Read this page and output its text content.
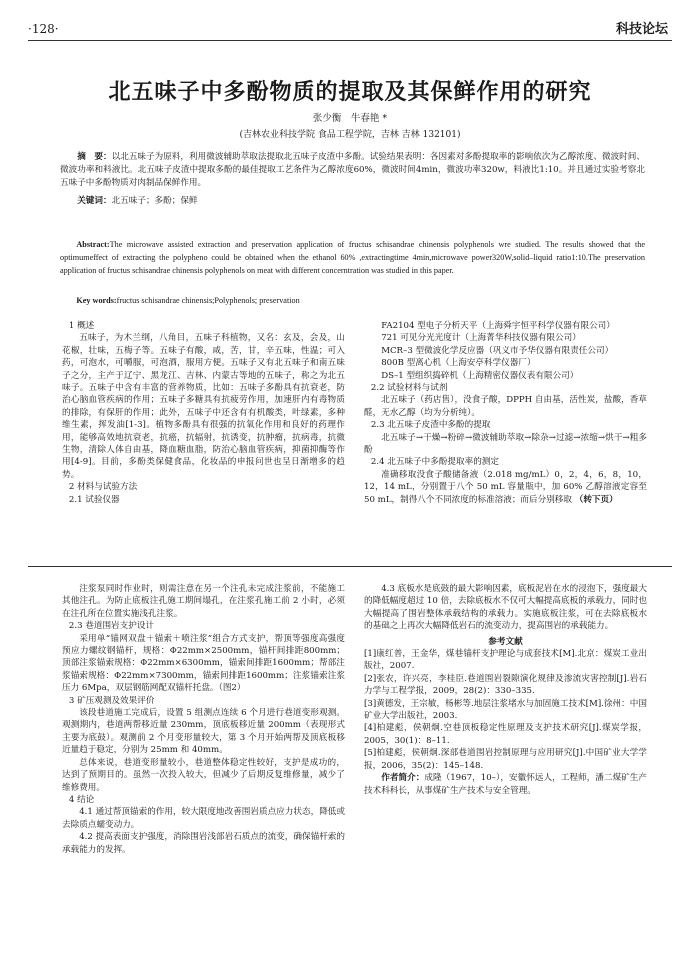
·128·	科技论坛
北五味子中多酚物质的提取及其保鲜作用的研究
张少衡　牛春艳 *
(吉林农业科技学院 食品工程学院，吉林 吉林 132101)

摘　要：以北五味子为原料，利用微波辅助萃取法提取北五味子皮渣中多酚。试验结果表明：各因素对多酚提取率的影响依次为乙醇浓度、微波时间、微波功率和料液比。北五味子皮渣中提取多酚的最佳提取工艺条件为乙醇浓度60%，微波时间4min，微波功率320w，料液比1:10。并且通过实验考察北五味子中多酚物质对肉制品保鲜作用。

关键词：北五味子；多酚；保鲜

Abstract:The microwave assisted extraction and preservation application of fructus schisandrae chinensis polyphenols wre studied. The results showed that the optimumeffect of extracting the polypheno could be obtained when the ethanol 60% ,extractingtime 4min,microwave power320W,solid–liquid ratio1:10.The preservation application of fructus schisandrae chinensis polyphenols on meat with different concerntration was studied in this paper.

Key words:fructus schisandrae chinensis;Polyphenols; preservation

1 概述

五味子，为木兰纲，八角目，五味子科植物，又名：玄及，会及，山花椒，壮味，五梅子等。五味子有酸，咸，苦，甘，辛五味，性温；可入药，可泡水，可嚼服，可泡酒，服用方便。五味子又有北五味子和南五味子之分，主产于辽宁、黑龙江、吉林、内蒙古等地的五味子，称之为北五味子。五味子中含有丰富的营养物质，比如：五味子多酚具有抗衰老，防治心脑血管疾病的作用；五味子多糖具有抗疲劳作用，加速肝内有毒物质的排除，有保肝的作用；此外，五味子中还含有有机酸类，叶绿素，多种维生素，挥发油[1-3]。植物多酚具有很强的抗氧化作用和良好的药理作用，能够高效地抗衰老，抗癌，抗辐射，抗诱变，抗肿瘤，抗病毒，抗微生物，清除人体自由基，降血糖血脂，防治心脑血管疾病，抑菌抑酶等作用[4-9]。目前，多酚类保健食品，化妆品的申报问世也呈日渐增多的趋势。

2 材料与试验方法

2.1 试验仪器

FA2104 型电子分析天平（上海舜宇恒平科学仪器有限公司）

721 可见分光光度计（上海菁华科技仪器有限公司）

MCR–3 型微波化学反应器（巩义市予华仪器有限责任公司）

800B 型离心机（上海安亭科学仪器厂）

DS–1 型组织捣碎机（上海精密仪器仪表有限公司）

2.2 试验材料与试剂

北五味子（药店售），没食子酸，DPPH 自由基，活性炭，盐酸，香草醛，无水乙醇（均为分析纯）。

2.3 北五味子皮渣中多酚的提取

北五味子→干燥→粉碎→微波辅助萃取→除杂→过滤→浓缩→烘干→粗多酚

2.4 北五味子中多酚提取率的测定

准确移取没食子酸储备液（2.018 mg/mL）0，2，4，6，8，10，12，14 mL，分别置于八个 50 mL 容量瓶中，加 60% 乙醇溶液定容至 50 mL，制得八个不同浓度的标准溶液；而后分别移取 （转下页）

注浆泵同时作业时，则需注意在另一个注孔未完成注浆前，不能施工其他注孔。为防止底板注孔施工期间塌孔，在注浆孔施工前 2 小时，必须在注孔所在位置实施浅孔注浆。

2.3 巷道围岩支护设计

采用单“锚网双盘＋锚索＋喷注浆”组合方式支护，帮顶等强度高强度预应力螺纹钢锚杆，规格：Φ22mm×2500mm，锚杆间排距800mm；顶部注浆锚索规格：Φ22mm×6300mm，锚索间排距1600mm；帮部注浆锚索规格：Φ22mm×7300mm，锚索间排距1600mm；注浆锚索注浆压力 6Mpa，双层钢筋网配双锚杆托盘。（图2）

3 矿压观测及效果评价

该段巷道施工完成后，设置 5 组测点连续 6 个月进行巷道变形观测。观测期内，巷道两帮移近量 230mm，顶底板移近量 200mm（表现形式主要为底鼓）。观测前 2 个月变形量较大，第 3 个月开始两帮及顶底板移近量趋于稳定，分别为 25mm 和 40mm。

总体来说，巷道变形量较小，巷道整体稳定性较好，支护是成功的，达到了预期目的。虽然一次投入较大，但减少了后期反复维修量，减少了维修费用。

4 结论

4.1 通过帮顶锚索的作用，较大限度地改善围岩质点应力状态，降低或去除质点蠕变动力。

4.2 提高表面支护强度，消除围岩浅部岩石质点的流变，确保锚杆索的承载能力的发挥。

4.3 底板水是底鼓的最大影响因素，底板泥岩在水的浸泡下，强度最大的降低幅度超过 10 倍，去除底板水不仅可大幅提高底板的承载力，同时也大幅提高了围岩整体承载结构的承载力。实施底板注浆，可在去除底板水的基础之上再次大幅降低岩石的流变动力，提高围岩的承载能力。

参考文献

[1]康红普，王金华，煤巷锚杆支护理论与成套技术[M].北京：煤炭工业出版社，2007.

[2]张农，许兴亮，李桂臣.巷道围岩裂隙演化规律及渗流灾害控制[J].岩石力学与工程学报，2009，28(2)：330–335.

[3]黄德发，王宗敏，杨彬等.地层注浆堵水与加固施工技术[M].徐州：中国矿业大学出版社，2003.

[4]柏建彪，侯朝炯.空巷顶板稳定性原理及支护技术研究[J].煤炭学报，2005，30(1)：8–11.

[5]柏建彪，侯朝炯.深部巷道围岩控制原理与应用研究[J].中国矿业大学学报，2006，35(2)：145–148.

作者简介：成隆（1967，10–），安徽怀远人，工程师，潘二煤矿生产技术科科长，从事煤矿生产技术与安全管理。
